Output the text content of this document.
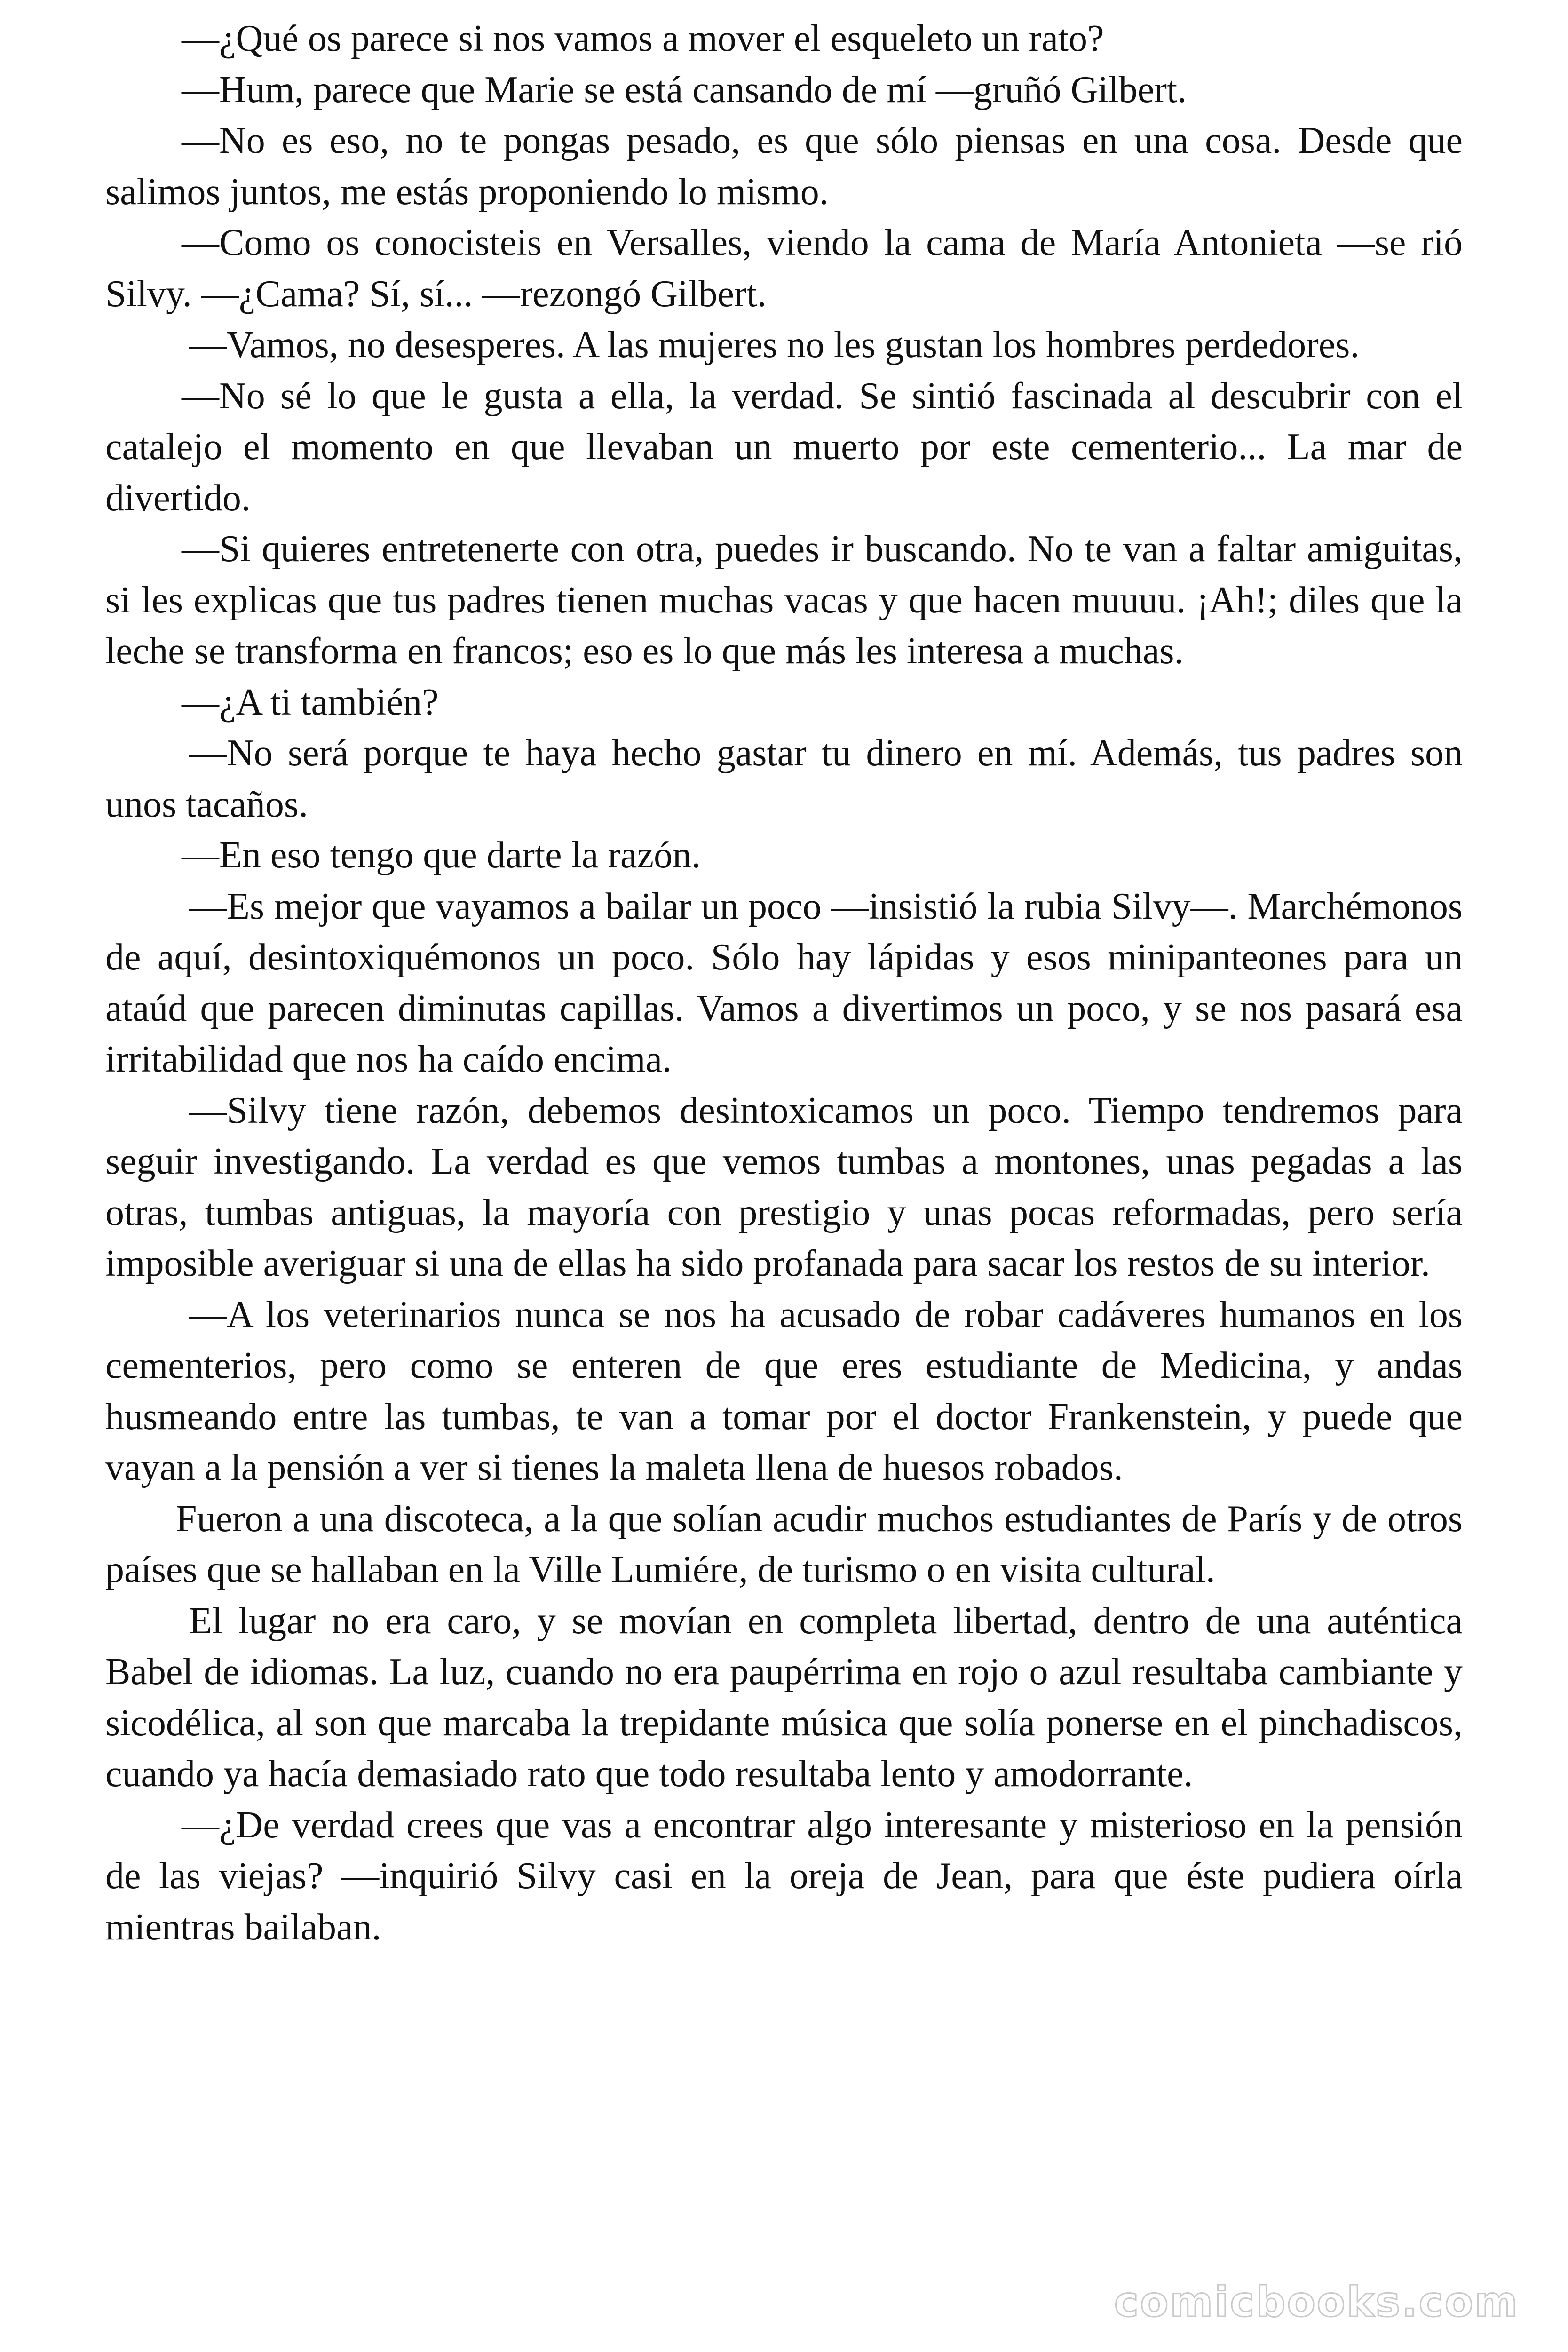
—¿Qué os parece si nos vamos a mover el esqueleto un rato?

—Hum, parece que Marie se está cansando de mí —gruñó Gilbert.

—No es eso, no te pongas pesado, es que sólo piensas en una cosa. Desde que salimos juntos, me estás proponiendo lo mismo.

—Como os conocisteis en Versalles, viendo la cama de María Antonieta —se rió Silvy. —¿Cama? Sí, sí... —rezongó Gilbert.

—Vamos, no desesperes. A las mujeres no les gustan los hombres perdedores.

—No sé lo que le gusta a ella, la verdad. Se sintió fascinada al descubrir con el catalejo el momento en que llevaban un muerto por este cementerio... La mar de divertido.

—Si quieres entretenerte con otra, puedes ir buscando. No te van a faltar amiguitas, si les explicas que tus padres tienen muchas vacas y que hacen muuuu. ¡Ah!; diles que la leche se transforma en francos; eso es lo que más les interesa a muchas.

—¿A ti también?

—No será porque te haya hecho gastar tu dinero en mí. Además, tus padres son unos tacaños.

—En eso tengo que darte la razón.

—Es mejor que vayamos a bailar un poco —insistió la rubia Silvy—. Marchémonos de aquí, desintoxiquémonos un poco. Sólo hay lápidas y esos minipanteones para un ataúd que parecen diminutas capillas. Vamos a divertimos un poco, y se nos pasará esa irritabilidad que nos ha caído encima.

—Silvy tiene razón, debemos desintoxicamos un poco. Tiempo tendremos para seguir investigando. La verdad es que vemos tumbas a montones, unas pegadas a las otras, tumbas antiguas, la mayoría con prestigio y unas pocas reformadas, pero sería imposible averiguar si una de ellas ha sido profanada para sacar los restos de su interior.

—A los veterinarios nunca se nos ha acusado de robar cadáveres humanos en los cementerios, pero como se enteren de que eres estudiante de Medicina, y andas husmeando entre las tumbas, te van a tomar por el doctor Frankenstein, y puede que vayan a la pensión a ver si tienes la maleta llena de huesos robados.

Fueron a una discoteca, a la que solían acudir muchos estudiantes de París y de otros países que se hallaban en la Ville Lumiére, de turismo o en visita cultural.

El lugar no era caro, y se movían en completa libertad, dentro de una auténtica Babel de idiomas. La luz, cuando no era paupérrima en rojo o azul resultaba cambiante y sicodélica, al son que marcaba la trepidante música que solía ponerse en el pinchadiscos, cuando ya hacía demasiado rato que todo resultaba lento y amodorrante.

—¿De verdad crees que vas a encontrar algo interesante y misterioso en la pensión de las viejas? —inquirió Silvy casi en la oreja de Jean, para que éste pudiera oírla mientras bailaban.

comicbooks.com
